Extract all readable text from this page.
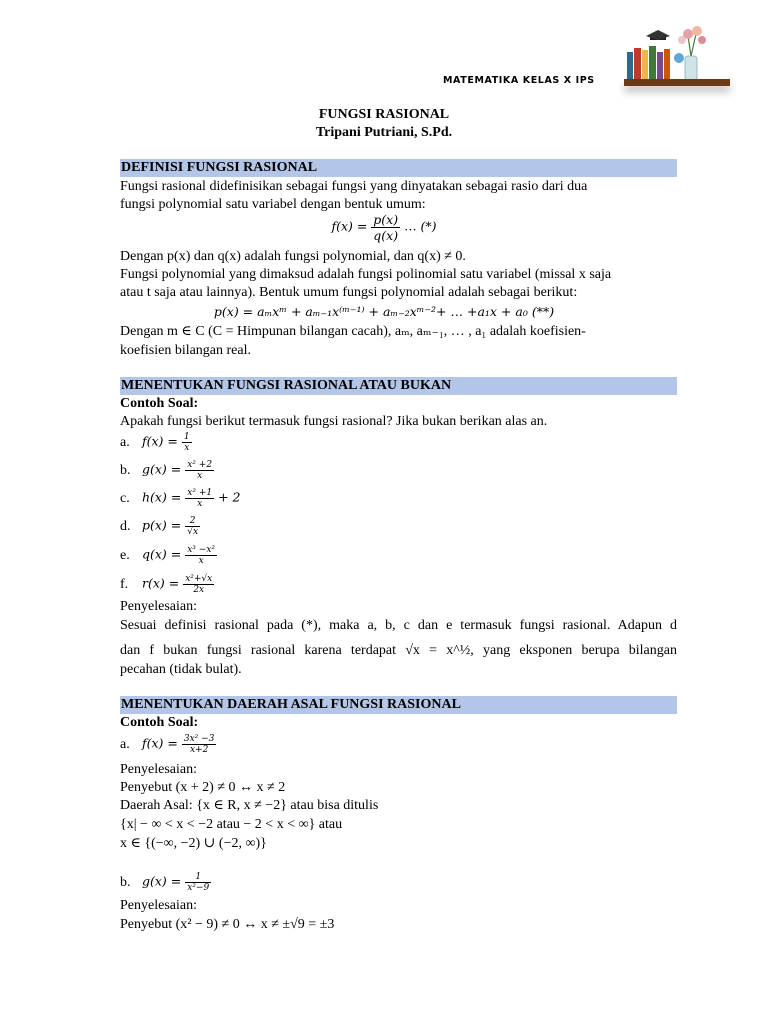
MATEMATIKA KELAS X IPS
FUNGSI RASIONAL
Tripani Putriani, S.Pd.
DEFINISI FUNGSI RASIONAL
Fungsi rasional didefinisikan sebagai fungsi yang dinyatakan sebagai rasio dari dua
fungsi polynomial satu variabel dengan bentuk umum:
$f(x) = \frac{p(x)}{q(x)}$ … (*)
Dengan p(x) dan q(x) adalah fungsi polynomial, dan q(x) ≠ 0.
Fungsi polynomial yang dimaksud adalah fungsi polinomial satu variabel (missal x saja
atau t saja atau lainnya). Bentuk umum fungsi polynomial adalah sebagai berikut:
p(x) = aₘxᵐ + aₘ₋₁x⁽ᵐ⁻¹⁾ + aₘ₋₂xᵐ⁻²+ … +a₁x + a₀ (**)
Dengan m ∈ C (C = Himpunan bilangan cacah), aₘ, aₘ₋₁, … , a₁ adalah koefisien-
koefisien bilangan real.
MENENTUKAN FUNGSI RASIONAL ATAU BUKAN
Contoh Soal:
Apakah fungsi berikut termasuk fungsi rasional? Jika bukan berikan alas an.
a. $f(x) = \frac{1}{x}$
b. $g(x) = \frac{\text{x² +2}}{x}$
c. $h(x) = \frac{\text{x² +1}}{x} + 2$
d. $p(x) = \frac{2}{√x}$
e. $q(x) = \frac{\text{x³ −x²}}{x}$
f. $r(x) = \frac{\text{x²+√x}}{2x}$
Penyelesaian:
Sesuai definisi rasional pada (*), maka a, b, c dan e termasuk fungsi rasional. Adapun d
dan f bukan fungsi rasional karena terdapat √x = x^½, yang eksponen berupa bilangan
pecahan (tidak bulat).
MENENTUKAN DAERAH ASAL FUNGSI RASIONAL
Contoh Soal:
a. $f(x) = \frac{\text{3x² −3}}{x+2}$
Penyelesaian:
Penyebut (x + 2) ≠ 0 ↔ x ≠ 2
Daerah Asal: {x ∈ R, x ≠ −2} atau bisa ditulis
{x| − ∞ < x < −2 atau − 2 < x < ∞} atau
x ∈ {(−∞, −2) ∪ (−2, ∞)}
b. $g(x) = \frac{1}{\text{x²−9}}$
Penyelesaian:
Penyebut (x² − 9) ≠ 0 ↔ x ≠ ±√9 = ±3
